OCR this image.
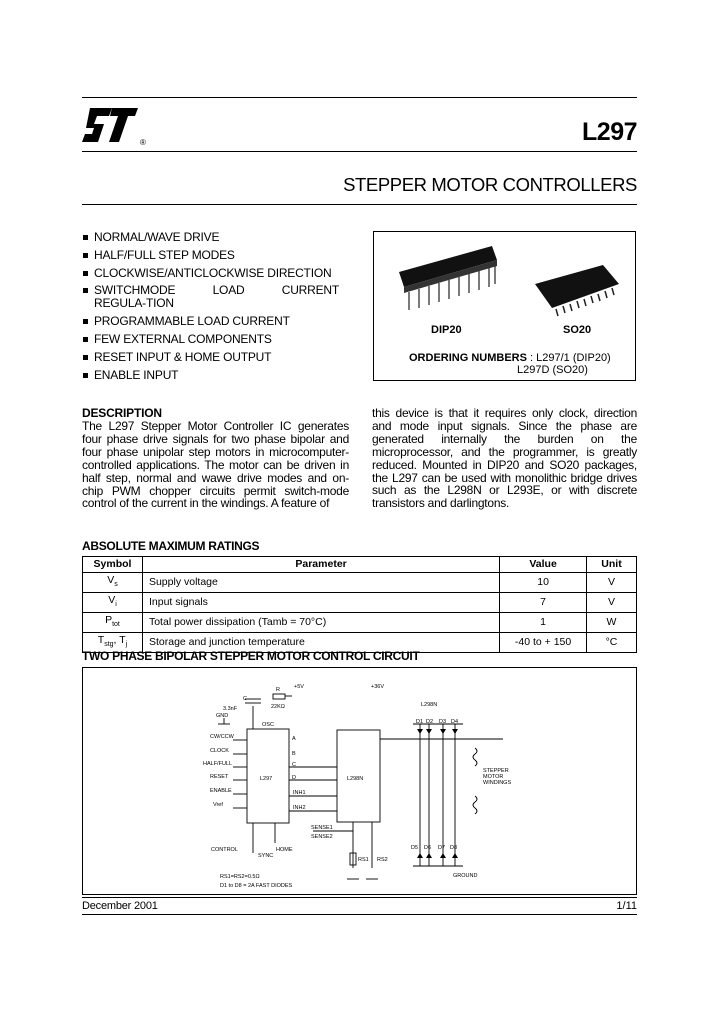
®	L297
STEPPER MOTOR CONTROLLERS
NORMAL/WAVE DRIVE
HALF/FULL STEP MODES
CLOCKWISE/ANTICLOCKWISE DIRECTION
SWITCHMODE LOAD CURRENT REGULA-TION
PROGRAMMABLE LOAD CURRENT
FEW EXTERNAL COMPONENTS
RESET INPUT & HOME OUTPUT
ENABLE INPUT
DIP20	SO20
ORDERING NUMBERS : L297/1 (DIP20)
L297D (SO20)
DESCRIPTION
The L297 Stepper Motor Controller IC generates four phase drive signals for two phase bipolar and four phase unipolar step motors in microcomputer-controlled applications. The motor can be driven in half step, normal and wawe drive modes and on-chip PWM chopper circuits permit switch-mode control of the current in the windings. A feature of
this device is that it requires only clock, direction and mode input signals. Since the phase are generated internally the burden on the microprocessor, and the programmer, is greatly reduced. Mounted in DIP20 and SO20 packages, the L297 can be used with monolithic bridge drives such as the L298N or L293E, or with discrete transistors and darlingtons.
ABSOLUTE MAXIMUM RATINGS
Symbol	Parameter	Value	Unit
$V_s$	Supply voltage	10	V
$V_i$	Input signals	7	V
$P_{tot}$	Total power dissipation (Tamb = 70°C)	1	W
$T_{stg}$, $T_j$	Storage and junction temperature	-40 to + 150	°C
TWO PHASE BIPOLAR STEPPER MOTOR CONTROL CIRCUIT
L297	L298N
OSC
+5V	+36V
C
3.3nF
R
22KΩ
GND
CW/CCW
CLOCK
HALF/FULL
RESET
ENABLE
Vref
A
B
C
D
INH1
INH2
SENSE1
SENSE2
CONTROL
SYNC
HOME
L298N
D1 D2 D3 D4
D5 D6 D7 D8
STEPPER
MOTOR
WINDINGS
RS1 RS2
RS1=RS2=0.5Ω
D1 to D8 = 2A FAST DIODES
GROUND
December 2001	1/11
